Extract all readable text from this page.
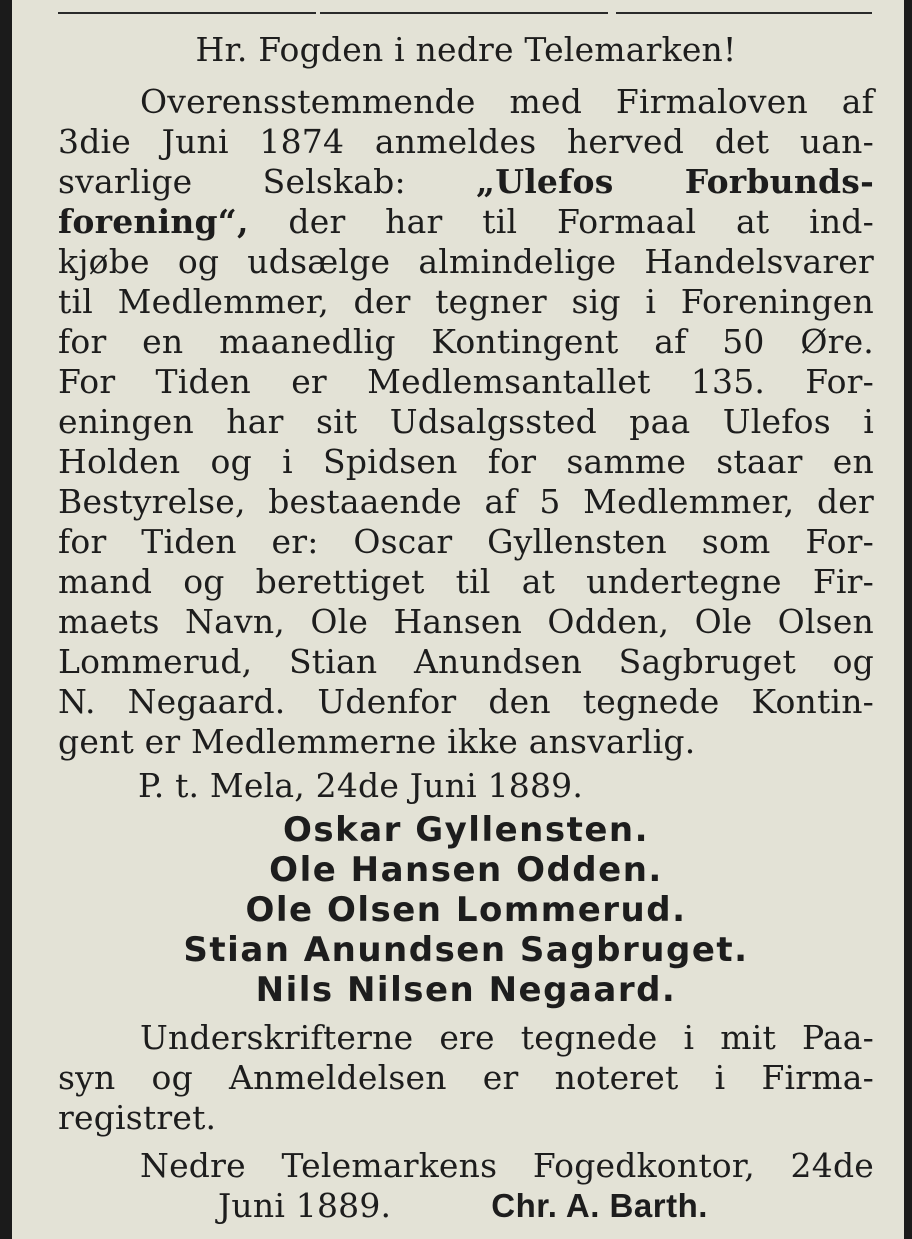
Hr. Fogden i nedre Telemarken!
Overensstemmende med Firmaloven af
3die Juni 1874 anmeldes herved det uan-
svarlige Selskab: „Ulefos Forbunds-
forening“, der har til Formaal at ind-
kjøbe og udsælge almindelige Handelsvarer
til Medlemmer, der tegner sig i Foreningen
for en maanedlig Kontingent af 50 Øre.
For Tiden er Medlemsantallet 135. For-
eningen har sit Udsalgssted paa Ulefos i
Holden og i Spidsen for samme staar en
Bestyrelse, bestaaende af 5 Medlemmer, der
for Tiden er: Oscar Gyllensten som For-
mand og berettiget til at undertegne Fir-
maets Navn, Ole Hansen Odden, Ole Olsen
Lommerud, Stian Anundsen Sagbruget og
N. Negaard. Udenfor den tegnede Kontin-
gent er Medlemmerne ikke ansvarlig.
P. t. Mela, 24de Juni 1889.
Oskar Gyllensten.
Ole Hansen Odden.
Ole Olsen Lommerud.
Stian Anundsen Sagbruget.
Nils Nilsen Negaard.
Underskrifterne ere tegnede i mit Paa-
syn og Anmeldelsen er noteret i Firma-
registret.
Nedre Telemarkens Fogedkontor, 24de
Juni 1889.	Chr. A. Barth.
